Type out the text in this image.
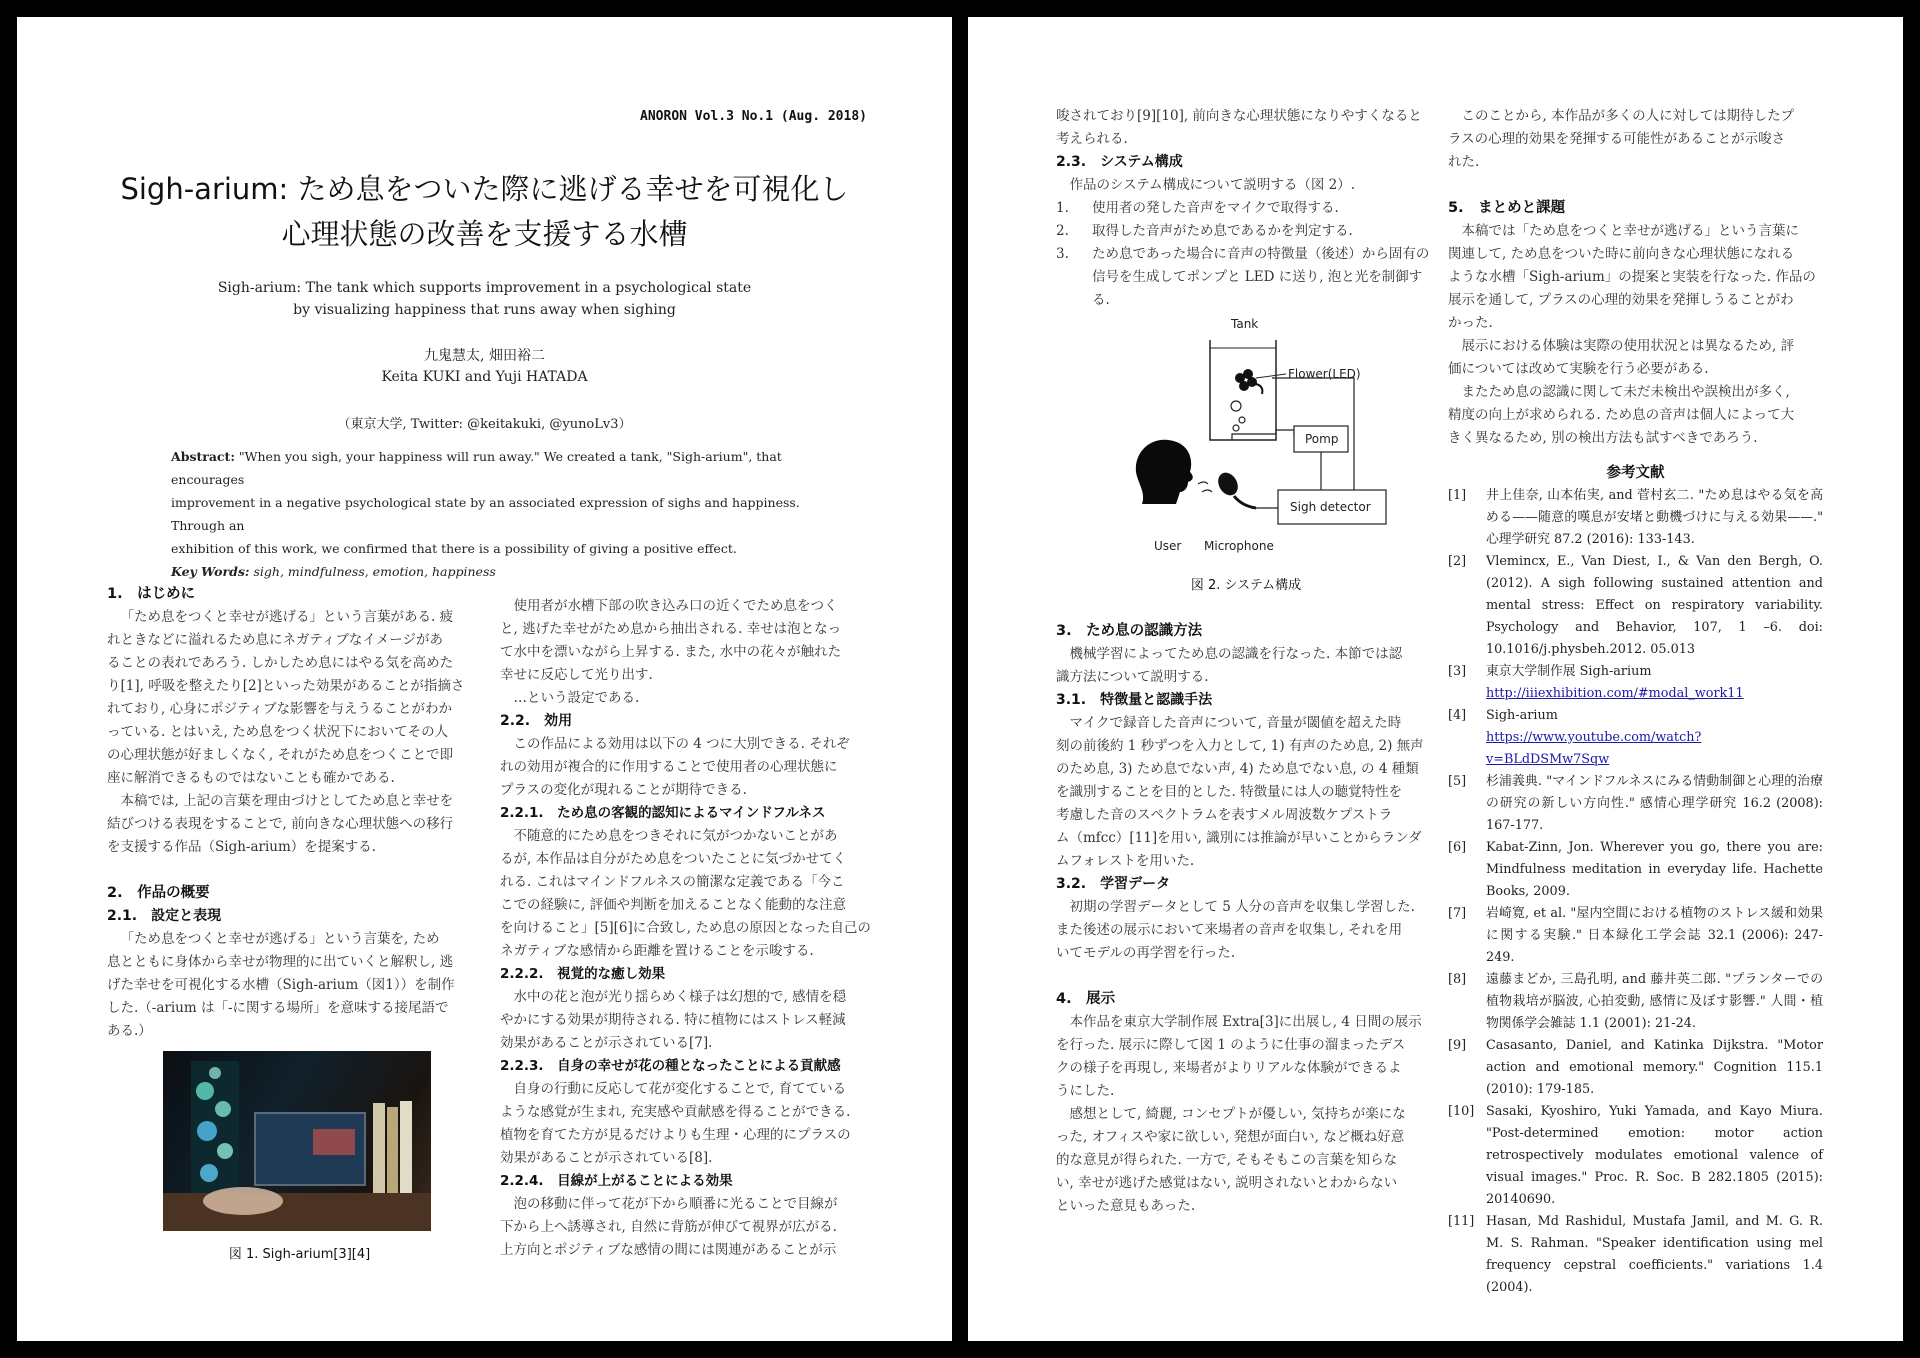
ANORON Vol.3 No.1 (Aug. 2018)
Sigh-arium: ため息をついた際に逃げる幸せを可視化し
心理状態の改善を支援する水槽
Sigh-arium: The tank which supports improvement in a psychological state
by visualizing happiness that runs away when sighing
九鬼慧太, 畑田裕二
Keita KUKI and Yuji HATADA
（東京大学, Twitter: @keitakuki, @yunoLv3）
Abstract: "When you sigh, your happiness will run away." We created a tank, "Sigh-arium", that encourages
improvement in a negative psychological state by an associated expression of sighs and happiness. Through an
exhibition of this work, we confirmed that there is a possibility of giving a positive effect.
Key Words: sigh, mindfulness, emotion, happiness
1.　はじめに
「ため息をつくと幸せが逃げる」という言葉がある. 疲
れときなどに溢れるため息にネガティブなイメージがあ
ることの表れであろう. しかしため息にはやる気を高めた
り[1], 呼吸を整えたり[2]といった効果があることが指摘さ
れており, 心身にポジティブな影響を与えうることがわか
っている. とはいえ, ため息をつく状況下においてその人
の心理状態が好ましくなく, それがため息をつくことで即
座に解消できるものではないことも確かである.
本稿では, 上記の言葉を理由づけとしてため息と幸せを
結びつける表現をすることで, 前向きな心理状態への移行
を支援する作品（Sigh-arium）を提案する.
2.　作品の概要
2.1.　設定と表現
「ため息をつくと幸せが逃げる」という言葉を, ため
息とともに身体から幸せが物理的に出ていくと解釈し, 逃
げた幸せを可視化する水槽（Sigh-arium（図1））を制作
した.（-arium は「-に関する場所」を意味する接尾語で
ある.）
図 1. Sigh-arium[3][4]
使用者が水槽下部の吹き込み口の近くでため息をつく
と, 逃げた幸せがため息から抽出される. 幸せは泡となっ
て水中を漂いながら上昇する. また, 水中の花々が触れた
幸せに反応して光り出す.
…という設定である.
2.2.　効用
この作品による効用は以下の 4 つに大別できる. それぞ
れの効用が複合的に作用することで使用者の心理状態に
プラスの変化が現れることが期待できる.
2.2.1.　ため息の客観的認知によるマインドフルネス
不随意的にため息をつきそれに気がつかないことがあ
るが, 本作品は自分がため息をついたことに気づかせてく
れる. これはマインドフルネスの簡潔な定義である「今こ
こでの経験に, 評価や判断を加えることなく能動的な注意
を向けること」[5][6]に合致し, ため息の原因となった自己の
ネガティブな感情から距離を置けることを示唆する.
2.2.2.　視覚的な癒し効果
水中の花と泡が光り揺らめく様子は幻想的で, 感情を穏
やかにする効果が期待される. 特に植物にはストレス軽減
効果があることが示されている[7].
2.2.3.　自身の幸せが花の種となったことによる貢献感
自身の行動に反応して花が変化することで, 育てている
ような感覚が生まれ, 充実感や貢献感を得ることができる.
植物を育てた方が見るだけよりも生理・心理的にプラスの
効果があることが示されている[8].
2.2.4.　目線が上がることによる効果
泡の移動に伴って花が下から順番に光ることで目線が
下から上へ誘導され, 自然に背筋が伸びて視界が広がる.
上方向とポジティブな感情の間には関連があることが示
唆されており[9][10], 前向きな心理状態になりやすくなると
考えられる.
2.3.　システム構成
作品のシステム構成について説明する（図 2）.
1.	使用者の発した音声をマイクで取得する.
2.	取得した音声がため息であるかを判定する.
3.	ため息であった場合に音声の特徴量（後述）から固有の信号を生成してポンプと LED に送り, 泡と光を制御する.
Tank
Flower(LED)
Pomp
Sigh detector
User Microphone
図 2. システム構成
3.　ため息の認識方法
機械学習によってため息の認識を行なった. 本節では認
識方法について説明する.
3.1.　特徴量と認識手法
マイクで録音した音声について, 音量が閾値を超えた時
刻の前後約 1 秒ずつを入力として, 1) 有声のため息, 2) 無声
のため息, 3) ため息でない声, 4) ため息でない息, の 4 種類
を識別することを目的とした. 特徴量には人の聴覚特性を
考慮した音のスペクトラムを表すメル周波数ケプストラ
ム（mfcc）[11]を用い, 識別には推論が早いことからランダ
ムフォレストを用いた.
3.2.　学習データ
初期の学習データとして 5 人分の音声を収集し学習した.
また後述の展示において来場者の音声を収集し, それを用
いてモデルの再学習を行った.
4.　展示
本作品を東京大学制作展 Extra[3]に出展し, 4 日間の展示
を行った. 展示に際して図 1 のように仕事の溜まったデス
クの様子を再現し, 来場者がよりリアルな体験ができるよ
うにした.
感想として, 綺麗, コンセプトが優しい, 気持ちが楽にな
った, オフィスや家に欲しい, 発想が面白い, など概ね好意
的な意見が得られた. 一方で, そもそもこの言葉を知らな
い, 幸せが逃げた感覚はない, 説明されないとわからない
といった意見もあった.
このことから, 本作品が多くの人に対しては期待したプ
ラスの心理的効果を発揮する可能性があることが示唆さ
れた.
5.　まとめと課題
本稿では「ため息をつくと幸せが逃げる」という言葉に
関連して, ため息をついた時に前向きな心理状態になれる
ような水槽「Sigh-arium」の提案と実装を行なった. 作品の
展示を通して, プラスの心理的効果を発揮しうることがわ
かった.
展示における体験は実際の使用状況とは異なるため, 評
価については改めて実験を行う必要がある.
またため息の認識に関して未だ未検出や誤検出が多く,
精度の向上が求められる. ため息の音声は個人によって大
きく異なるため, 別の検出方法も試すべきであろう.
参考文献
[1]	井上佳奈, 山本佑実, and 菅村玄二. "ため息はやる気を高める——随意的嘆息が安堵と動機づけに与える効果——." 心理学研究 87.2 (2016): 133-143.
[2]	Vlemincx, E., Van Diest, I., & Van den Bergh, O. (2012). A sigh following sustained attention and mental stress: Effect on respiratory variability. Psychology and Behavior, 107, 1 –6. doi: 10.1016/j.physbeh.2012. 05.013
[3]	東京大学制作展 Sigh-arium
http://iiiexhibition.com/#modal_work11
[4]	Sigh-arium
https://www.youtube.com/watch?v=BLdDSMw7Sqw
[5]	杉浦義典. "マインドフルネスにみる情動制御と心理的治療の研究の新しい方向性." 感情心理学研究 16.2 (2008): 167-177.
[6]	Kabat-Zinn, Jon. Wherever you go, there you are: Mindfulness meditation in everyday life. Hachette Books, 2009.
[7]	岩崎寛, et al. "屋内空間における植物のストレス緩和効果に関する実験." 日本緑化工学会誌 32.1 (2006): 247-249.
[8]	遠藤まどか, 三島孔明, and 藤井英二郎. "プランターでの植物栽培が脳波, 心拍変動, 感情に及ぼす影響." 人間・植物関係学会雑誌 1.1 (2001): 21-24.
[9]	Casasanto, Daniel, and Katinka Dijkstra. "Motor action and emotional memory." Cognition 115.1 (2010): 179-185.
[10] Sasaki, Kyoshiro, Yuki Yamada, and Kayo Miura. "Post-determined emotion: motor action retrospectively modulates emotional valence of visual images." Proc. R. Soc. B 282.1805 (2015): 20140690.
[11] Hasan, Md Rashidul, Mustafa Jamil, and M. G. R. M. S. Rahman. "Speaker identification using mel frequency cepstral coefficients." variations 1.4 (2004).
